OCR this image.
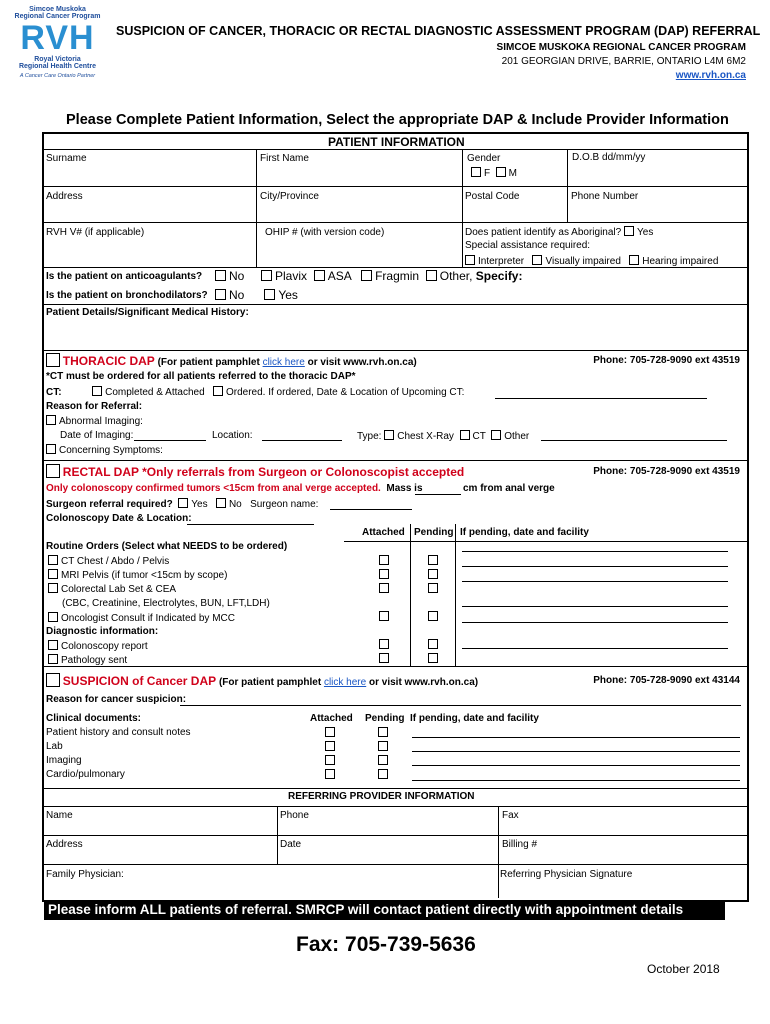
Simcoe Muskoka
Regional Cancer Program
RVH
Royal Victoria
Regional Health Centre
A Cancer Care Ontario Partner
SUSPICION OF CANCER, THORACIC OR RECTAL DIAGNOSTIC ASSESSMENT PROGRAM (DAP) REFERRAL
SIMCOE MUSKOKA REGIONAL CANCER PROGRAM
201 GEORGIAN DRIVE, BARRIE, ONTARIO L4M 6M2
www.rvh.on.ca
Please Complete Patient Information, Select the appropriate DAP & Include Provider Information
PATIENT INFORMATION
Surname	First Name	Gender
F M
D.O.B dd/mm/yy
Address	City/Province	Postal Code	Phone Number
RVH V# (if applicable)	OHIP # (with version code)	Does patient identify as Aboriginal? Yes
Special assistance required:
Interpreter Visually impaired Hearing impaired
Is the patient on anticoagulants?	No	Plavix ASA Fragmin Other, Specify:
Is the patient on bronchodilators?	No	Yes
Patient Details/Significant Medical History:
THORACIC DAP (For patient pamphlet click here or visit www.rvh.on.ca)	Phone: 705-728-9090 ext 43519
*CT must be ordered for all patients referred to the thoracic DAP*
CT:	Completed & Attached Ordered. If ordered, Date & Location of Upcoming CT:
Reason for Referral:
Abnormal Imaging:
Date of Imaging:	Location:	Type: Chest X-Ray CT Other
Concerning Symptoms:
RECTAL DAP *Only referrals from Surgeon or Colonoscopist accepted	Phone: 705-728-9090 ext 43519
Only colonoscopy confirmed tumors <15cm from anal verge accepted. Mass is	cm from anal verge
Surgeon referral required? Yes No Surgeon name:
Colonoscopy Date & Location:
Attached Pending If pending, date and facility
Routine Orders (Select what NEEDS to be ordered)
CT Chest / Abdo / Pelvis
MRI Pelvis (if tumor <15cm by scope)
Colorectal Lab Set & CEA
(CBC, Creatinine, Electrolytes, BUN, LFT,LDH)
Oncologist Consult if Indicated by MCC
Diagnostic information:
Colonoscopy report
Pathology sent

SUSPICION of Cancer DAP (For patient pamphlet click here or visit www.rvh.on.ca)	Phone: 705-728-9090 ext 43144
Reason for cancer suspicion:
Clinical documents:	Attached Pending If pending, date and facility
Patient history and consult notes
Lab
Imaging
Cardio/pulmonary

REFERRING PROVIDER INFORMATION
Name	Phone	Fax
Address	Date	Billing #
Family Physician:	Referring Physician Signature
Please inform ALL patients of referral. SMRCP will contact patient directly with appointment details
Fax: 705-739-5636
October 2018
